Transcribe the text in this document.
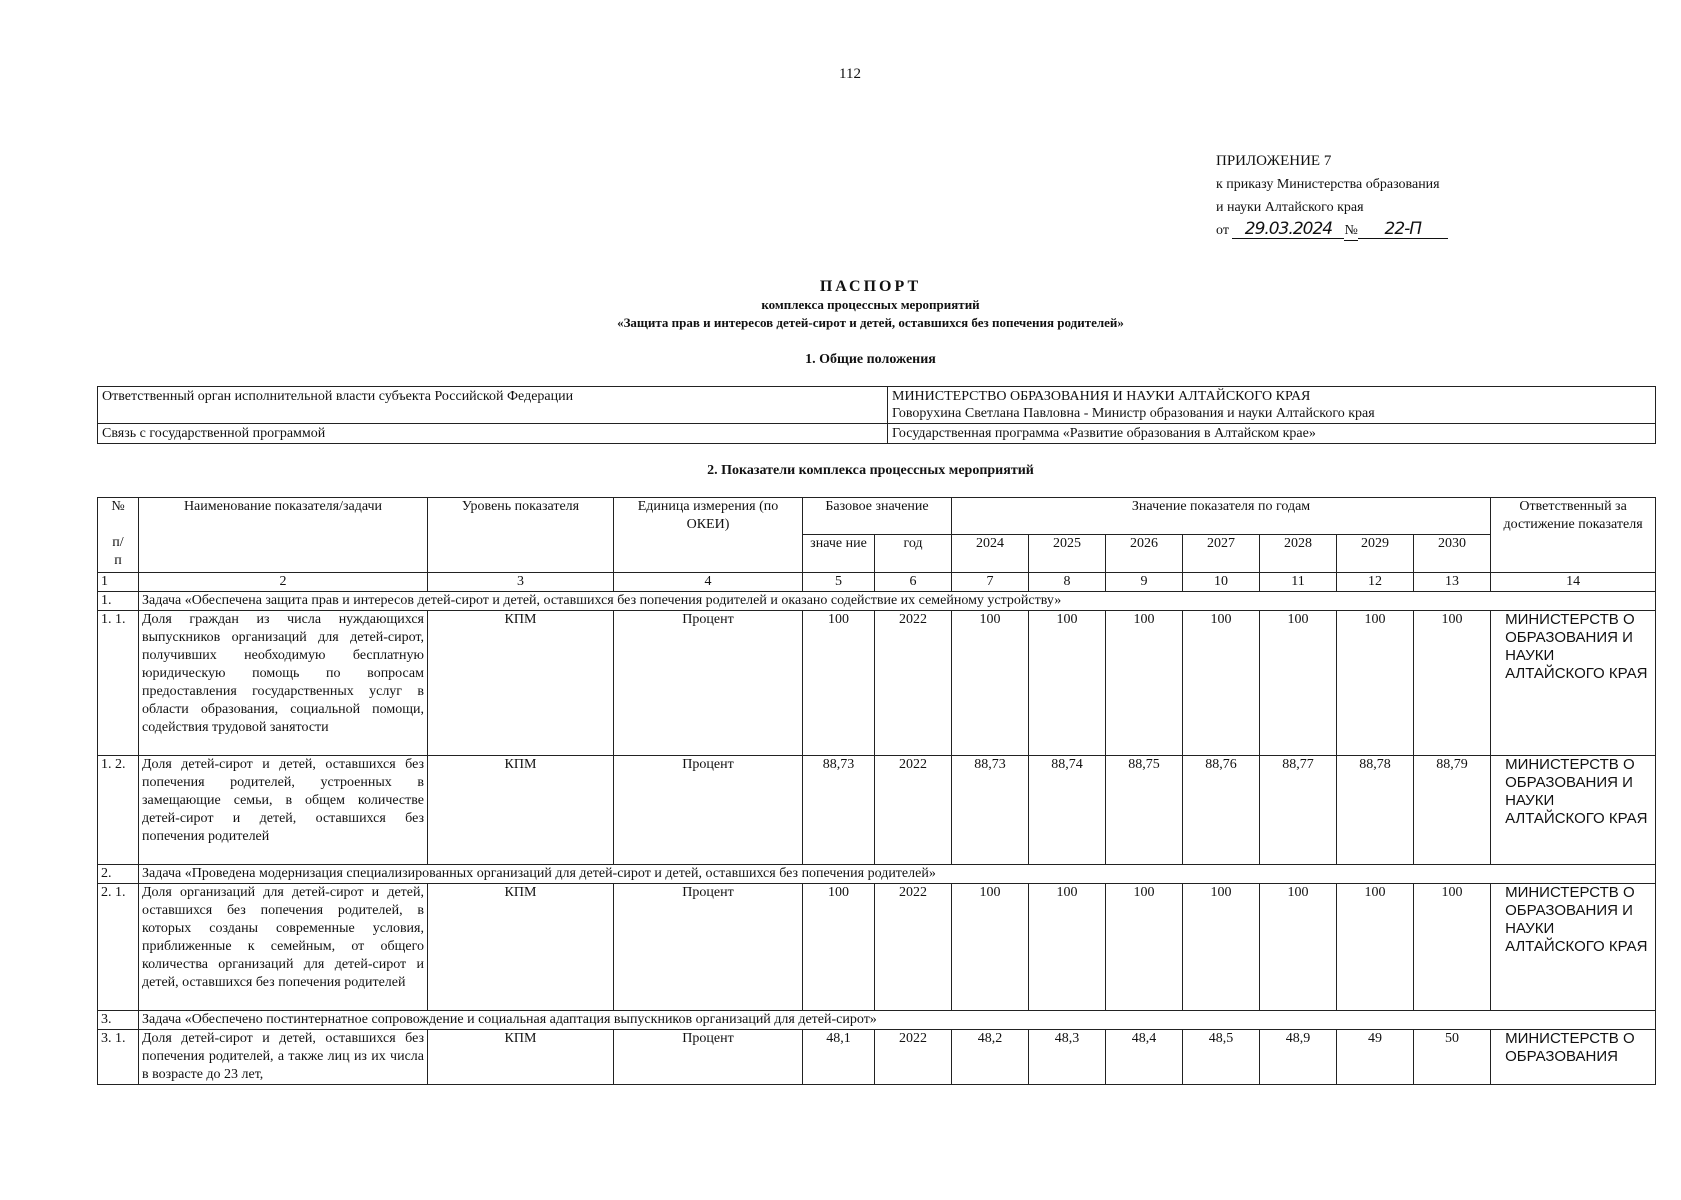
112
ПРИЛОЖЕНИЕ 7
к приказу Министерства образования
и науки Алтайского края
от 29.03.2024 № 22-П
ПАСПОРТ
комплекса процессных мероприятий
«Защита прав и интересов детей-сирот и детей, оставшихся без попечения родителей»
1. Общие положения
Ответственный орган исполнительной власти субъекта Российской Федерации	МИНИСТЕРСТВО ОБРАЗОВАНИЯ И НАУКИ АЛТАЙСКОГО КРАЯ
Говорухина Светлана Павловна - Министр образования и науки Алтайского края

Связь с государственной программой	Государственная программа «Развитие образования в Алтайском крае»
2. Показатели комплекса процессных мероприятий
№
п/
п	Наименование показателя/задачи	Уровень показателя	Единица измерения (по ОКЕИ)	Базовое значение		Значение показателя по годам							Ответственный за достижение показателя
				значе ние	год	2024	2025	2026	2027	2028	2029	2030	
1	2	3	4	5	6	7	8	9	10	11	12	13	14
1.	Задача «Обеспечена защита прав и интересов детей-сирот и детей, оставшихся без попечения родителей и оказано содействие их семейному устройству»												
1. 1.	Доля граждан из числа нуждающихся выпускников организаций для детей-сирот, получивших необходимую бесплатную юридическую помощь по вопросам предоставления государственных услуг в области образования, социальной помощи, содействия трудовой занятости	КПМ	Процент	100	2022	100	100	100	100	100	100	100	МИНИСТЕРСТВ О ОБРАЗОВАНИЯ И НАУКИ АЛТАЙСКОГО КРАЯ
1. 2.	Доля детей-сирот и детей, оставшихся без попечения родителей, устроенных в замещающие семьи, в общем количестве детей-сирот и детей, оставшихся без попечения родителей	КПМ	Процент	88,73	2022	88,73	88,74	88,75	88,76	88,77	88,78	88,79	МИНИСТЕРСТВ О ОБРАЗОВАНИЯ И НАУКИ АЛТАЙСКОГО КРАЯ
2.	Задача «Проведена модернизация специализированных организаций для детей-сирот и детей, оставшихся без попечения родителей»												
2. 1.	Доля организаций для детей-сирот и детей, оставшихся без попечения родителей, в которых созданы современные условия, приближенные к семейным, от общего количества организаций для детей-сирот и детей, оставшихся без попечения родителей	КПМ	Процент	100	2022	100	100	100	100	100	100	100	МИНИСТЕРСТВ О ОБРАЗОВАНИЯ И НАУКИ АЛТАЙСКОГО КРАЯ
3.	Задача «Обеспечено постинтернатное сопровождение и социальная адаптация выпускников организаций для детей-сирот»												
3. 1.	Доля детей-сирот и детей, оставшихся без попечения родителей, а также лиц из их числа в возрасте до 23 лет,	КПМ	Процент	48,1	2022	48,2	48,3	48,4	48,5	48,9	49	50	МИНИСТЕРСТВ О ОБРАЗОВАНИЯ
